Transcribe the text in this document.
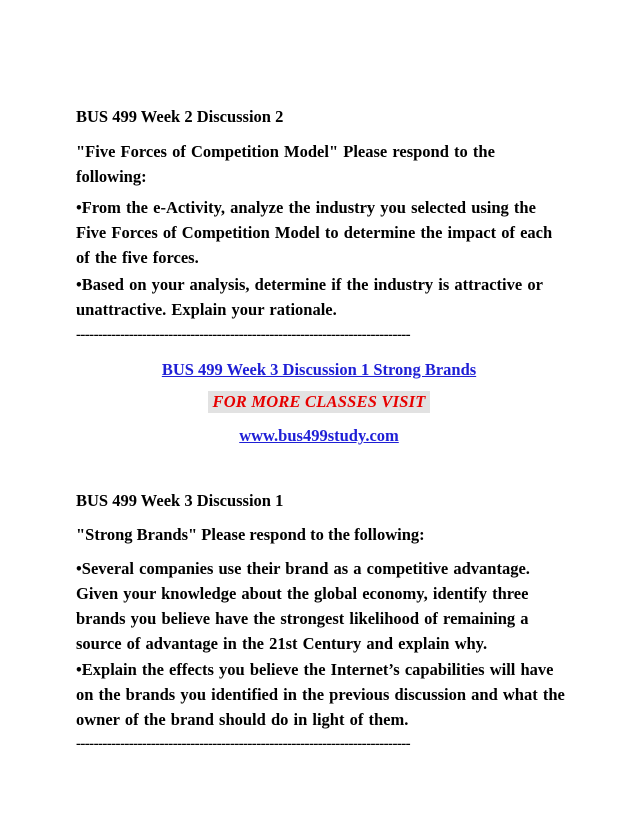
BUS 499 Week 2 Discussion 2
"Five Forces of Competition Model" Please respond to the following:
•From the e-Activity, analyze the industry you selected using the Five Forces of Competition Model to determine the impact of each of the five forces.
•Based on your analysis, determine if the industry is attractive or unattractive. Explain your rationale.
----------------------------------------------------------------------------
BUS 499 Week 3 Discussion 1 Strong Brands
FOR MORE CLASSES VISIT
www.bus499study.com
BUS 499 Week 3 Discussion 1
"Strong Brands" Please respond to the following:
•Several companies use their brand as a competitive advantage. Given your knowledge about the global economy, identify three brands you believe have the strongest likelihood of remaining a source of advantage in the 21st Century and explain why.
•Explain the effects you believe the Internet’s capabilities will have on the brands you identified in the previous discussion and what the owner of the brand should do in light of them.
----------------------------------------------------------------------------
